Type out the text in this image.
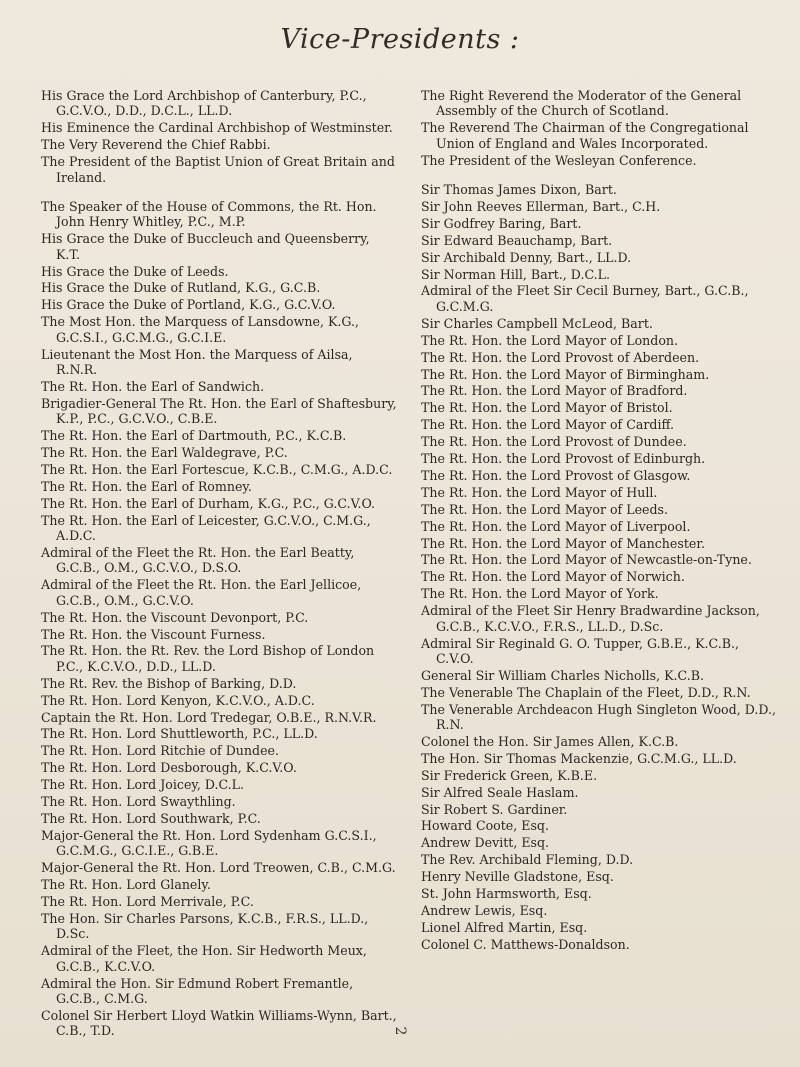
Vice-Presidents :
His Grace the Lord Archbishop of Canterbury, P.C., G.C.V.O., D.D., D.C.L., LL.D.
His Eminence the Cardinal Archbishop of Westminster.
The Very Reverend the Chief Rabbi.
The President of the Baptist Union of Great Britain and Ireland.
The Speaker of the House of Commons, the Rt. Hon. John Henry Whitley, P.C., M.P.
His Grace the Duke of Buccleuch and Queensberry, K.T.
His Grace the Duke of Leeds.
His Grace the Duke of Rutland, K.G., G.C.B.
His Grace the Duke of Portland, K.G., G.C.V.O.
The Most Hon. the Marquess of Lansdowne, K.G., G.C.S.I., G.C.M.G., G.C.I.E.
Lieutenant the Most Hon. the Marquess of Ailsa, R.N.R.
The Rt. Hon. the Earl of Sandwich.
Brigadier-General The Rt. Hon. the Earl of Shaftesbury, K.P., P.C., G.C.V.O., C.B.E.
The Rt. Hon. the Earl of Dartmouth, P.C., K.C.B.
The Rt. Hon. the Earl Waldegrave, P.C.
The Rt. Hon. the Earl Fortescue, K.C.B., C.M.G., A.D.C.
The Rt. Hon. the Earl of Romney.
The Rt. Hon. the Earl of Durham, K.G., P.C., G.C.V.O.
The Rt. Hon. the Earl of Leicester, G.C.V.O., C.M.G., A.D.C.
Admiral of the Fleet the Rt. Hon. the Earl Beatty, G.C.B., O.M., G.C.V.O., D.S.O.
Admiral of the Fleet the Rt. Hon. the Earl Jellicoe, G.C.B., O.M., G.C.V.O.
The Rt. Hon. the Viscount Devonport, P.C.
The Rt. Hon. the Viscount Furness.
The Rt. Hon. the Rt. Rev. the Lord Bishop of London P.C., K.C.V.O., D.D., LL.D.
The Rt. Rev. the Bishop of Barking, D.D.
The Rt. Hon. Lord Kenyon, K.C.V.O., A.D.C.
Captain the Rt. Hon. Lord Tredegar, O.B.E., R.N.V.R.
The Rt. Hon. Lord Shuttleworth, P.C., LL.D.
The Rt. Hon. Lord Ritchie of Dundee.
The Rt. Hon. Lord Desborough, K.C.V.O.
The Rt. Hon. Lord Joicey, D.C.L.
The Rt. Hon. Lord Swaythling.
The Rt. Hon. Lord Southwark, P.C.
Major-General the Rt. Hon. Lord Sydenham G.C.S.I., G.C.M.G., G.C.I.E., G.B.E.
Major-General the Rt. Hon. Lord Treowen, C.B., C.M.G.
The Rt. Hon. Lord Glanely.
The Rt. Hon. Lord Merrivale, P.C.
The Hon. Sir Charles Parsons, K.C.B., F.R.S., LL.D., D.Sc.
Admiral of the Fleet, the Hon. Sir Hedworth Meux, G.C.B., K.C.V.O.
Admiral the Hon. Sir Edmund Robert Fremantle, G.C.B., C.M.G.
Colonel Sir Herbert Lloyd Watkin Williams-Wynn, Bart., C.B., T.D.
The Right Reverend the Moderator of the General Assembly of the Church of Scotland.
The Reverend The Chairman of the Congregational Union of England and Wales Incorporated.
The President of the Wesleyan Conference.
Sir Thomas James Dixon, Bart.
Sir John Reeves Ellerman, Bart., C.H.
Sir Godfrey Baring, Bart.
Sir Edward Beauchamp, Bart.
Sir Archibald Denny, Bart., LL.D.
Sir Norman Hill, Bart., D.C.L.
Admiral of the Fleet Sir Cecil Burney, Bart., G.C.B., G.C.M.G.
Sir Charles Campbell McLeod, Bart.
The Rt. Hon. the Lord Mayor of London.
The Rt. Hon. the Lord Provost of Aberdeen.
The Rt. Hon. the Lord Mayor of Birmingham.
The Rt. Hon. the Lord Mayor of Bradford.
The Rt. Hon. the Lord Mayor of Bristol.
The Rt. Hon. the Lord Mayor of Cardiff.
The Rt. Hon. the Lord Provost of Dundee.
The Rt. Hon. the Lord Provost of Edinburgh.
The Rt. Hon. the Lord Provost of Glasgow.
The Rt. Hon. the Lord Mayor of Hull.
The Rt. Hon. the Lord Mayor of Leeds.
The Rt. Hon. the Lord Mayor of Liverpool.
The Rt. Hon. the Lord Mayor of Manchester.
The Rt. Hon. the Lord Mayor of Newcastle-on-Tyne.
The Rt. Hon. the Lord Mayor of Norwich.
The Rt. Hon. the Lord Mayor of York.
Admiral of the Fleet Sir Henry Bradwardine Jackson, G.C.B., K.C.V.O., F.R.S., LL.D., D.Sc.
Admiral Sir Reginald G. O. Tupper, G.B.E., K.C.B., C.V.O.
General Sir William Charles Nicholls, K.C.B.
The Venerable The Chaplain of the Fleet, D.D., R.N.
The Venerable Archdeacon Hugh Singleton Wood, D.D., R.N.
Colonel the Hon. Sir James Allen, K.C.B.
The Hon. Sir Thomas Mackenzie, G.C.M.G., LL.D.
Sir Frederick Green, K.B.E.
Sir Alfred Seale Haslam.
Sir Robert S. Gardiner.
Howard Coote, Esq.
Andrew Devitt, Esq.
The Rev. Archibald Fleming, D.D.
Henry Neville Gladstone, Esq.
St. John Harmsworth, Esq.
Andrew Lewis, Esq.
Lionel Alfred Martin, Esq.
Colonel C. Matthews-Donaldson.
2
